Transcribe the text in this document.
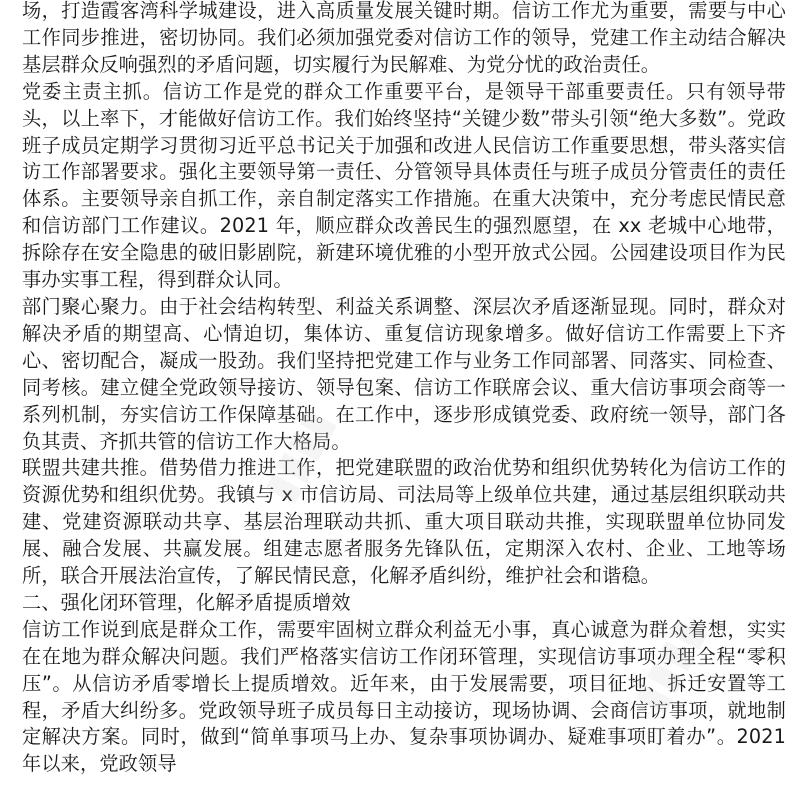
场，打造霞客湾科学城建设，进入高质量发展关键时期。信访工作尤为重要，需要与中心工作同步推进，密切协同。我们必须加强党委对信访工作的领导，党建工作主动结合解决基层群众反响强烈的矛盾问题，切实履行为民解难、为党分忧的政治责任。

党委主责主抓。信访工作是党的群众工作重要平台，是领导干部重要责任。只有领导带头，以上率下，才能做好信访工作。我们始终坚持“关键少数”带头引领“绝大多数”。党政班子成员定期学习贯彻习近平总书记关于加强和改进人民信访工作重要思想，带头落实信访工作部署要求。强化主要领导第一责任、分管领导具体责任与班子成员分管责任的责任体系。主要领导亲自抓工作，亲自制定落实工作措施。在重大决策中，充分考虑民情民意和信访部门工作建议。2021 年，顺应群众改善民生的强烈愿望，在 xx 老城中心地带，拆除存在安全隐患的破旧影剧院，新建环境优雅的小型开放式公园。公园建设项目作为民事办实事工程，得到群众认同。

部门聚心聚力。由于社会结构转型、利益关系调整、深层次矛盾逐渐显现。同时，群众对解决矛盾的期望高、心情迫切，集体访、重复信访现象增多。做好信访工作需要上下齐心、密切配合，凝成一股劲。我们坚持把党建工作与业务工作同部署、同落实、同检查、同考核。建立健全党政领导接访、领导包案、信访工作联席会议、重大信访事项会商等一系列机制，夯实信访工作保障基础。在工作中，逐步形成镇党委、政府统一领导，部门各负其责、齐抓共管的信访工作大格局。

联盟共建共推。借势借力推进工作，把党建联盟的政治优势和组织优势转化为信访工作的资源优势和组织优势。我镇与 x 市信访局、司法局等上级单位共建，通过基层组织联动共建、党建资源联动共享、基层治理联动共抓、重大项目联动共推，实现联盟单位协同发展、融合发展、共赢发展。组建志愿者服务先锋队伍，定期深入农村、企业、工地等场所，联合开展法治宣传，了解民情民意，化解矛盾纠纷，维护社会和谐稳。

二、强化闭环管理，化解矛盾提质增效

信访工作说到底是群众工作，需要牢固树立群众利益无小事，真心诚意为群众着想，实实在在地为群众解决问题。我们严格落实信访工作闭环管理，实现信访事项办理全程“零积压”。从信访矛盾零增长上提质增效。近年来，由于发展需要，项目征地、拆迁安置等工程，矛盾大纠纷多。党政领导班子成员每日主动接访，现场协调、会商信访事项，就地制定解决方案。同时，做到“简单事项马上办、复杂事项协调办、疑难事项盯着办”。2021 年以来，党政领导

▮▮▮▮
▮▮▮▮
